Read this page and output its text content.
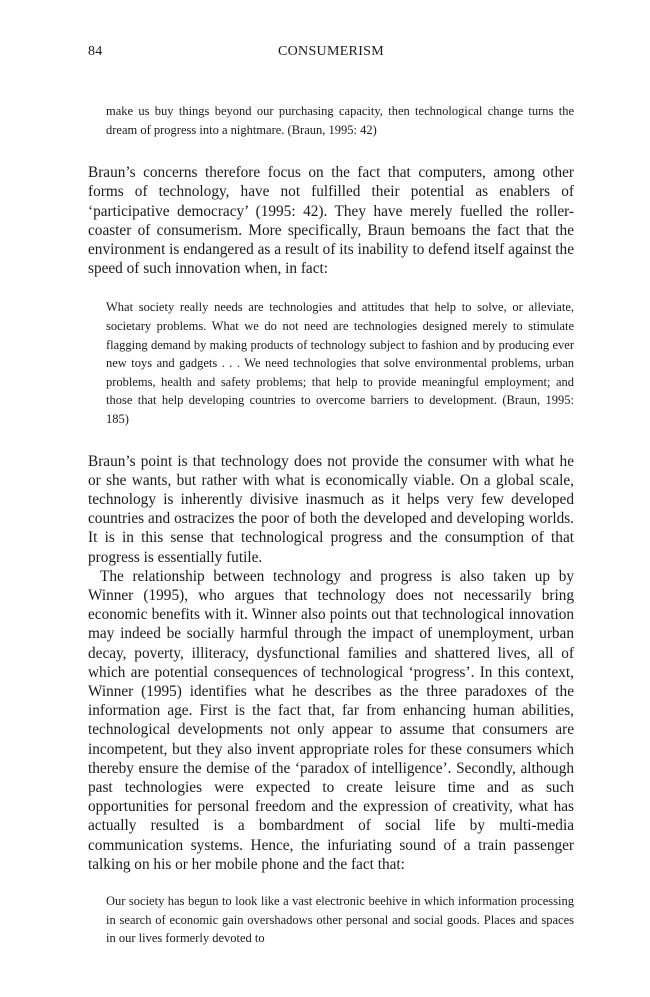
84	CONSUMERISM

make us buy things beyond our purchasing capacity, then technological change turns the dream of progress into a nightmare. (Braun, 1995: 42)

Braun’s concerns therefore focus on the fact that computers, among other forms of technology, have not fulfilled their potential as enablers of ‘participative democracy’ (1995: 42). They have merely fuelled the roller-coaster of consumerism. More specifically, Braun bemoans the fact that the environment is endangered as a result of its inability to defend itself against the speed of such innovation when, in fact:

What society really needs are technologies and attitudes that help to solve, or alleviate, societary problems. What we do not need are technologies designed merely to stimulate flagging demand by making products of technology subject to fashion and by producing ever new toys and gadgets . . . We need technologies that solve environmental problems, urban problems, health and safety problems; that help to provide meaningful employment; and those that help developing countries to overcome barriers to development. (Braun, 1995: 185)

Braun’s point is that technology does not provide the consumer with what he or she wants, but rather with what is economically viable. On a global scale, technology is inherently divisive inasmuch as it helps very few developed countries and ostracizes the poor of both the developed and developing worlds. It is in this sense that technological progress and the consumption of that progress is essentially futile.

The relationship between technology and progress is also taken up by Winner (1995), who argues that technology does not necessarily bring economic benefits with it. Winner also points out that technological innovation may indeed be socially harmful through the impact of unemployment, urban decay, poverty, illiteracy, dysfunctional families and shattered lives, all of which are potential consequences of technological ‘progress’. In this context, Winner (1995) identifies what he describes as the three paradoxes of the information age. First is the fact that, far from enhancing human abilities, technological developments not only appear to assume that consumers are incompetent, but they also invent appropriate roles for these consumers which thereby ensure the demise of the ‘paradox of intelligence’. Secondly, although past technologies were expected to create leisure time and as such opportunities for personal freedom and the expression of creativity, what has actually resulted is a bombardment of social life by multi-media communication systems. Hence, the infuriating sound of a train passenger talking on his or her mobile phone and the fact that:

Our society has begun to look like a vast electronic beehive in which information processing in search of economic gain overshadows other personal and social goods. Places and spaces in our lives formerly devoted to
